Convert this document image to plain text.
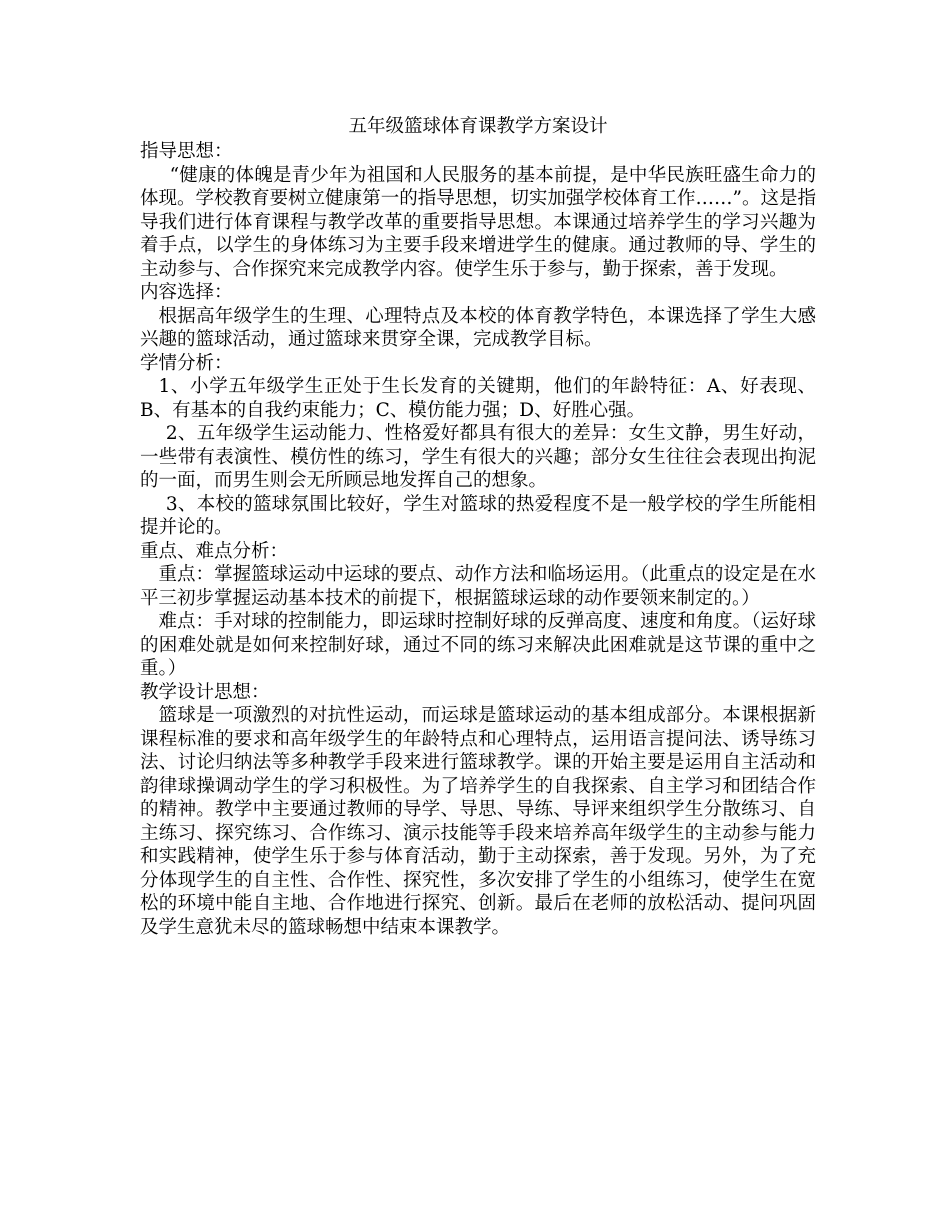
五年级篮球体育课教学方案设计
指导思想：

“健康的体魄是青少年为祖国和人民服务的基本前提，是中华民族旺盛生命力的体现。学校教育要树立健康第一的指导思想，切实加强学校体育工作……”。这是指导我们进行体育课程与教学改革的重要指导思想。本课通过培养学生的学习兴趣为着手点，以学生的身体练习为主要手段来增进学生的健康。通过教师的导、学生的主动参与、合作探究来完成教学内容。使学生乐于参与，勤于探索，善于发现。

内容选择：

根据高年级学生的生理、心理特点及本校的体育教学特色，本课选择了学生大感兴趣的篮球活动，通过篮球来贯穿全课，完成教学目标。

学情分析：

1、小学五年级学生正处于生长发育的关键期，他们的年龄特征：A、好表现、B、有基本的自我约束能力；C、模仿能力强；D、好胜心强。

2、五年级学生运动能力、性格爱好都具有很大的差异：女生文静，男生好动，一些带有表演性、模仿性的练习，学生有很大的兴趣；部分女生往往会表现出拘泥的一面，而男生则会无所顾忌地发挥自己的想象。

3、本校的篮球氛围比较好，学生对篮球的热爱程度不是一般学校的学生所能相提并论的。

重点、难点分析：

重点：掌握篮球运动中运球的要点、动作方法和临场运用。（此重点的设定是在水平三初步掌握运动基本技术的前提下，根据篮球运球的动作要领来制定的。）

难点：手对球的控制能力，即运球时控制好球的反弹高度、速度和角度。（运好球的困难处就是如何来控制好球，通过不同的练习来解决此困难就是这节课的重中之重。）

教学设计思想：

篮球是一项激烈的对抗性运动，而运球是篮球运动的基本组成部分。本课根据新课程标准的要求和高年级学生的年龄特点和心理特点，运用语言提问法、诱导练习法、讨论归纳法等多种教学手段来进行篮球教学。课的开始主要是运用自主活动和韵律球操调动学生的学习积极性。为了培养学生的自我探索、自主学习和团结合作的精神。教学中主要通过教师的导学、导思、导练、导评来组织学生分散练习、自主练习、探究练习、合作练习、演示技能等手段来培养高年级学生的主动参与能力和实践精神，使学生乐于参与体育活动，勤于主动探索，善于发现。另外，为了充分体现学生的自主性、合作性、探究性，多次安排了学生的小组练习，使学生在宽松的环境中能自主地、合作地进行探究、创新。最后在老师的放松活动、提问巩固及学生意犹未尽的篮球畅想中结束本课教学。
